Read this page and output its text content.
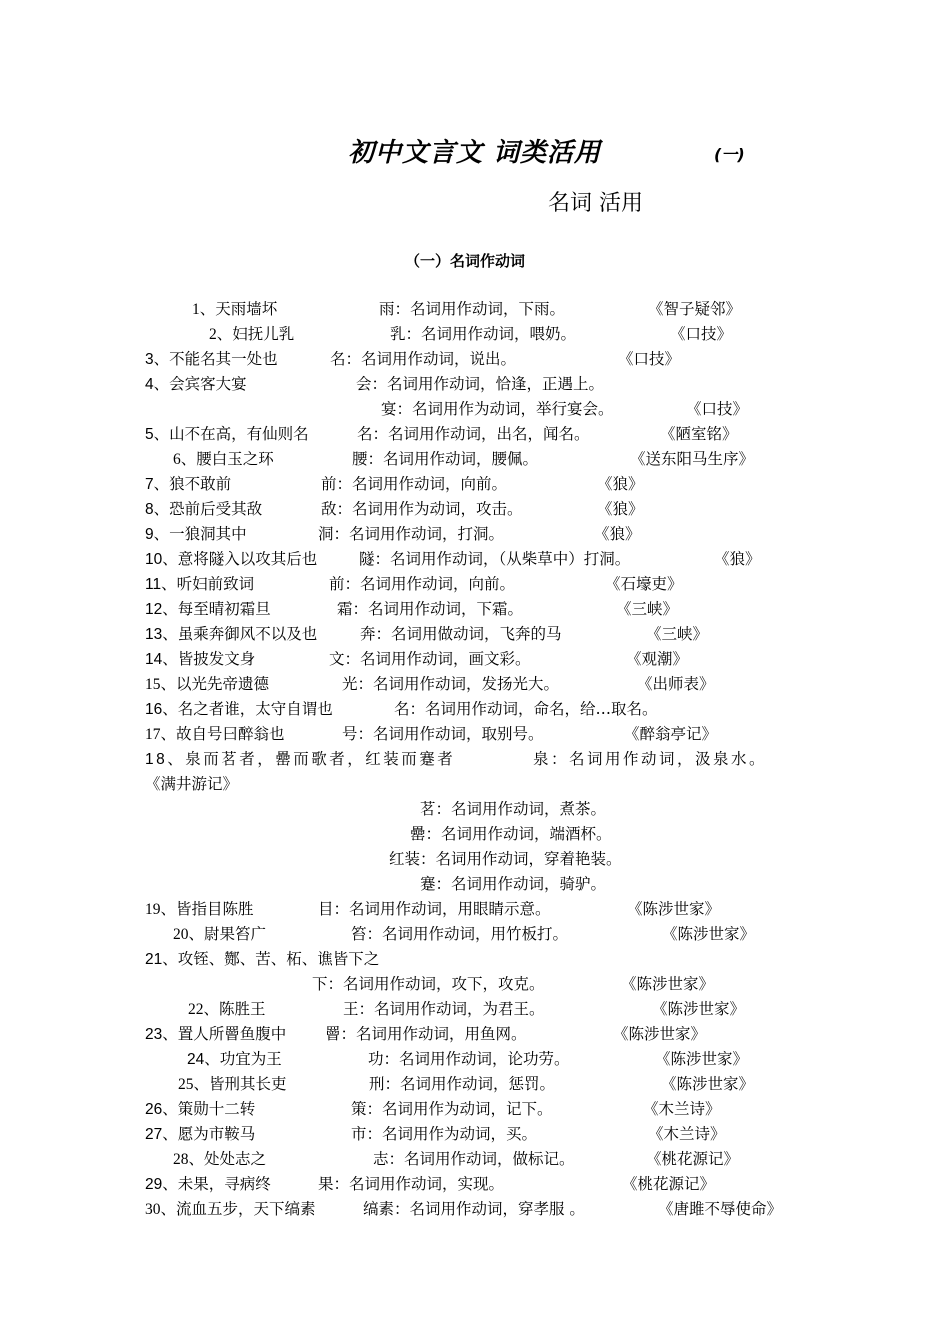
初中文言文 词类活用	(一)
名词 活用
（一）名词作动词
1、天雨墙坏	雨：名词用作动词，下雨。	《智子疑邻》
2、妇抚儿乳	乳：名词用作动词，喂奶。	《口技》
3、不能名其一处也	名：名词用作动词，说出。	《口技》
4、会宾客大宴	会：名词用作动词，恰逢，正遇上。
宴：名词用作为动词，举行宴会。	《口技》
5、山不在高，有仙则名	名：名词用作动词，出名，闻名。	《陋室铭》
6、腰白玉之环	腰：名词用作动词，腰佩。	《送东阳马生序》
7、狼不敢前	前：名词用作动词，向前。	《狼》
8、恐前后受其敌	敌：名词用作为动词，攻击。	《狼》
9、一狼洞其中	洞：名词用作动词，打洞。	《狼》
10、意将隧入以攻其后也	隧：名词用作动词，（从柴草中）打洞。	《狼》
11、听妇前致词	前：名词用作动词，向前。	《石壕吏》
12、每至晴初霜旦	霜：名词用作动词，下霜。	《三峡》
13、虽乘奔御风不以及也	奔：名词用做动词，飞奔的马	《三峡》
14、皆披发文身	文：名词用作动词，画文彩。	《观潮》
15、以光先帝遗德	光：名词用作动词，发扬光大。	《出师表》
16、名之者谁，太守自谓也	名：名词用作动词，命名，给…取名。
17、故自号曰醉翁也	号：名词用作动词，取别号。	《醉翁亭记》
18、泉而茗者，罍而歌者，红装而蹇者	泉：名词用作动词，汲泉水。
《满井游记》
茗：名词用作动词，煮茶。
罍：名词用作动词，端酒杯。
红装：名词用作动词，穿着艳装。
蹇：名词用作动词，骑驴。
19、皆指目陈胜	目：名词用作动词，用眼睛示意。	《陈涉世家》
20、尉果笞广	笞：名词用作动词，用竹板打。	《陈涉世家》
21、攻铚、酂、苦、柘、谯皆下之
下：名词用作动词，攻下，攻克。	《陈涉世家》
22、陈胜王	王：名词用作动词，为君王。	《陈涉世家》
23、置人所罾鱼腹中 罾：名词用作动词，用鱼网。	《陈涉世家》
24、功宜为王	功：名词用作动词，论功劳。	《陈涉世家》
25、皆刑其长吏	刑：名词用作动词，惩罚。	《陈涉世家》
26、策勋十二转	策：名词用作为动词，记下。	《木兰诗》
27、愿为市鞍马	市：名词用作为动词，买。	《木兰诗》
28、处处志之	志：名词用作动词，做标记。	《桃花源记》
29、未果，寻病终	果：名词用作动词，实现。	《桃花源记》
30、流血五步，天下缟素	缟素：名词用作动词，穿孝服 。	《唐雎不辱使命》
